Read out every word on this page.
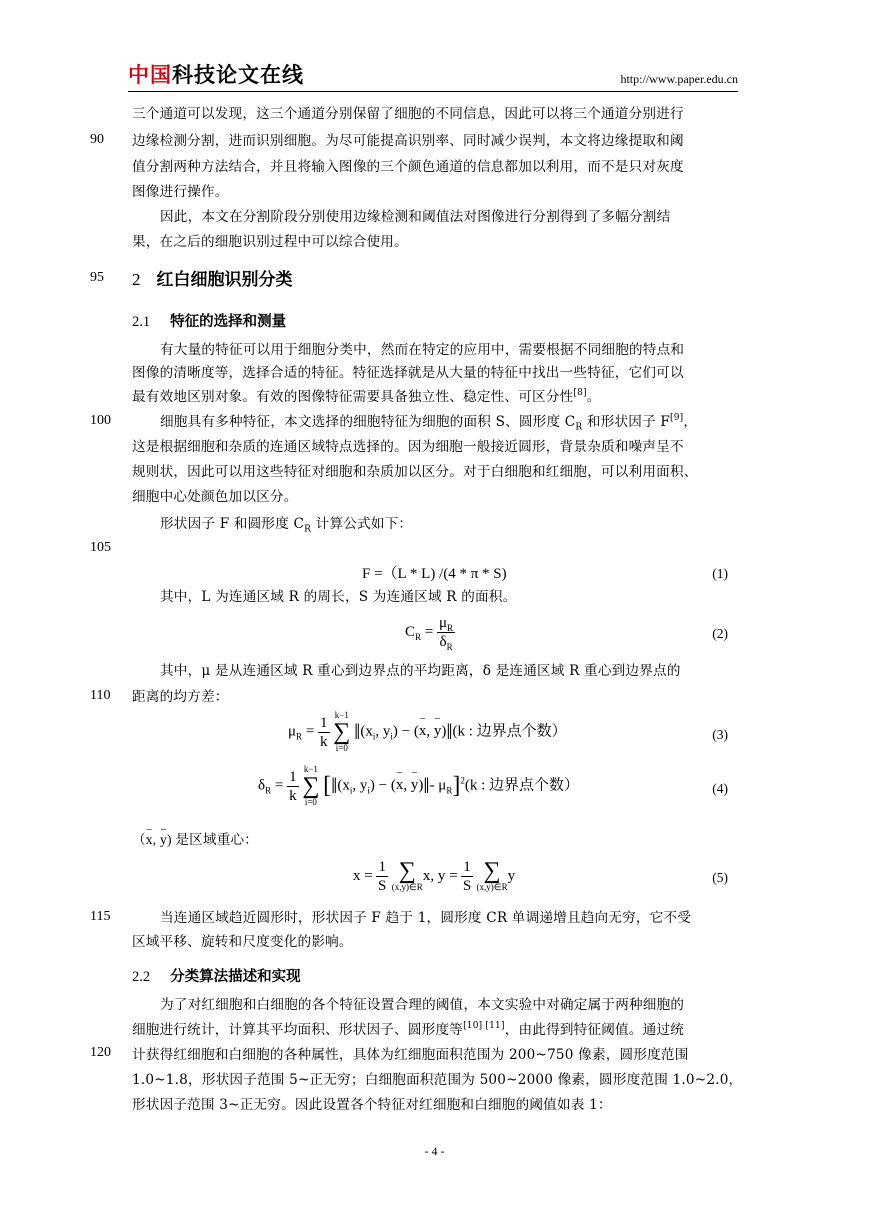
中国科技论文在线	http://www.paper.edu.cn
90
95
100
105
110
115
120
三个通道可以发现，这三个通道分别保留了细胞的不同信息，因此可以将三个通道分别进行
边缘检测分割，进而识别细胞。为尽可能提高识别率、同时减少误判，本文将边缘提取和阈
值分割两种方法结合，并且将输入图像的三个颜色通道的信息都加以利用，而不是只对灰度
图像进行操作。
因此，本文在分割阶段分别使用边缘检测和阈值法对图像进行分割得到了多幅分割结
果，在之后的细胞识别过程中可以综合使用。
2 红白细胞识别分类
2.1 特征的选择和测量
有大量的特征可以用于细胞分类中，然而在特定的应用中，需要根据不同细胞的特点和
图像的清晰度等，选择合适的特征。特征选择就是从大量的特征中找出一些特征，它们可以
最有效地区别对象。有效的图像特征需要具备独立性、稳定性、可区分性[8]。
细胞具有多种特征，本文选择的细胞特征为细胞的面积 S、圆形度 $C_R$ 和形状因子 F[9]，
这是根据细胞和杂质的连通区域特点选择的。因为细胞一般接近圆形，背景杂质和噪声呈不
规则状，因此可以用这些特征对细胞和杂质加以区分。对于白细胞和红细胞，可以利用面积、
细胞中心处颜色加以区分。
形状因子 F 和圆形度 $C_R$ 计算公式如下：
F =（L * L) /(4 * π * S)	(1)
其中，L 为连通区域 R 的周长，S 为连通区域 R 的面积。
$C_R = \frac{\mu_R}{\delta_R}$	(2)
其中，μ 是从连通区域 R 重心到边界点的平均距离，δ 是连通区域 R 重心到边界点的
距离的均方差：
$\mu_R = \frac{1}{k}$
k−1
∑
i=0
$‖(x_i$, $y_i$) − (_ x, _ y)‖(k : 边界点个数）	(3)
$\delta_R = \frac{1}{k}$
k−1
∑
i=0
[$‖(x_i$, $y_i$) − (_ x, _ y)‖- $\mu_R]^2(k$ : 边界点个数）	(4)
（_ x, _ y) 是区域重心：
$x = \frac{1}{S}$
∑
(x,y)∈R
x, $y = \frac{1}{S}$
∑
(x,y)∈R
y	(5)
当连通区域趋近圆形时，形状因子 F 趋于 1，圆形度 CR 单调递增且趋向无穷，它不受
区域平移、旋转和尺度变化的影响。
2.2 分类算法描述和实现
为了对红细胞和白细胞的各个特征设置合理的阈值，本文实验中对确定属于两种细胞的
细胞进行统计，计算其平均面积、形状因子、圆形度等[10] [11]，由此得到特征阈值。通过统
计获得红细胞和白细胞的各种属性，具体为红细胞面积范围为 200~750 像素，圆形度范围
1.0~1.8，形状因子范围 5~正无穷；白细胞面积范围为 500~2000 像素，圆形度范围 1.0~2.0，
形状因子范围 3~正无穷。因此设置各个特征对红细胞和白细胞的阈值如表 1：
- 4 -
